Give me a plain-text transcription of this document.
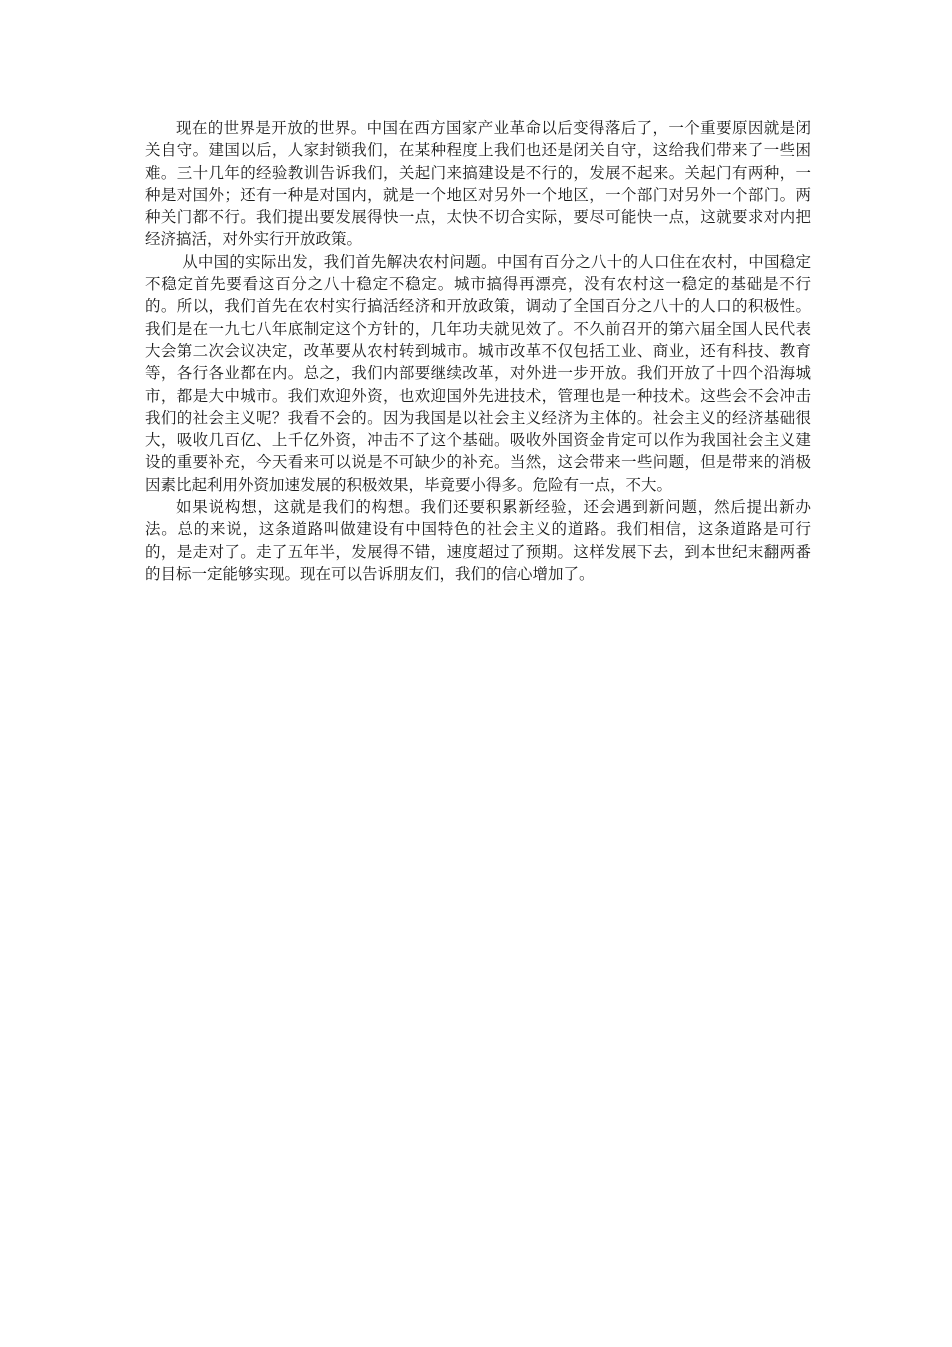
现在的世界是开放的世界。中国在西方国家产业革命以后变得落后了，一个重要原因就是闭关自守。建国以后，人家封锁我们，在某种程度上我们也还是闭关自守，这给我们带来了一些困难。三十几年的经验教训告诉我们，关起门来搞建设是不行的，发展不起来。关起门有两种，一种是对国外；还有一种是对国内，就是一个地区对另外一个地区，一个部门对另外一个部门。两种关门都不行。我们提出要发展得快一点，太快不切合实际，要尽可能快一点，这就要求对内把经济搞活，对外实行开放政策。

从中国的实际出发，我们首先解决农村问题。中国有百分之八十的人口住在农村，中国稳定不稳定首先要看这百分之八十稳定不稳定。城市搞得再漂亮，没有农村这一稳定的基础是不行的。所以，我们首先在农村实行搞活经济和开放政策，调动了全国百分之八十的人口的积极性。我们是在一九七八年底制定这个方针的，几年功夫就见效了。不久前召开的第六届全国人民代表大会第二次会议决定，改革要从农村转到城市。城市改革不仅包括工业、商业，还有科技、教育等，各行各业都在内。总之，我们内部要继续改革，对外进一步开放。我们开放了十四个沿海城市，都是大中城市。我们欢迎外资，也欢迎国外先进技术，管理也是一种技术。这些会不会冲击我们的社会主义呢？我看不会的。因为我国是以社会主义经济为主体的。社会主义的经济基础很大，吸收几百亿、上千亿外资，冲击不了这个基础。吸收外国资金肯定可以作为我国社会主义建设的重要补充，今天看来可以说是不可缺少的补充。当然，这会带来一些问题，但是带来的消极因素比起利用外资加速发展的积极效果，毕竟要小得多。危险有一点，不大。

如果说构想，这就是我们的构想。我们还要积累新经验，还会遇到新问题，然后提出新办法。总的来说，这条道路叫做建设有中国特色的社会主义的道路。我们相信，这条道路是可行的，是走对了。走了五年半，发展得不错，速度超过了预期。这样发展下去，到本世纪末翻两番的目标一定能够实现。现在可以告诉朋友们，我们的信心增加了。
